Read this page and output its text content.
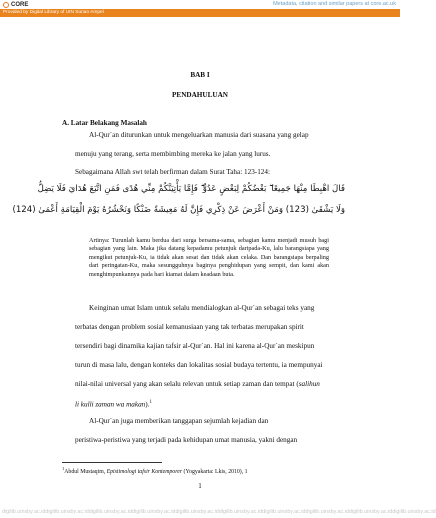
CORE	Metadata, citation and similar papers at core.ac.uk
Provided by Digital Library of UIN Sunan Ampel
BAB I
PENDAHULUAN
A. Latar Belakang Masalah
Al-Qur`an diturunkan untuk mengeluarkan manusia dari suasana yang gelap
menuju yang terang, serta membimbing mereka ke jalan yang lurus.
Sebagaimana Allah swt telah berfirman dalam Surat Taha: 123-124:
قَالَ اهْبِطَا مِنْهَا جَمِيعًا ۖ بَعْضُكُمْ لِبَعْضٍ عَدُوٌّ ۖ فَإِمَّا يَأْتِيَنَّكُمْ مِنِّي هُدًى فَمَنِ اتَّبَعَ هُدَايَ فَلَا يَضِلُّ
وَلَا يَشْقَىٰ (123) وَمَنْ أَعْرَضَ عَنْ ذِكْرِي فَإِنَّ لَهُ مَعِيشَةً ضَنْكًا وَنَحْشُرُهُ يَوْمَ الْقِيَامَةِ أَعْمَىٰ (124)
Artinya: Turunlah kamu berdua dari surga bersama-sama, sebagian kamu menjadi musuh bagi sebagian yang lain. Maka jika datang kepadamu petunjuk daripada-Ku, lalu barangsiapa yang mengikut petunjuk-Ku, ia tidak akan sesat dan tidak akan celaka. Dan barangsiapa berpaling dari peringatan-Ku, maka sesungguhnya baginya penghidupan yang sempit, dan kami akan menghimpunkannya pada hari kiamat dalam keadaan buta.
Keinginan umat Islam untuk selalu mendialogkan al-Qur`an sebagai teks yang
terbatas dengan problem sosial kemanusiaan yang tak terbatas merupakan spirit
tersendiri bagi dinamika kajian tafsir al-Qur`an. Hal ini karena al-Qur`an meskipun
turun di masa lalu, dengan konteks dan lokalitas sosial budaya tertentu, ia mempunyai
nilai-nilai universal yang akan selalu relevan untuk setiap zaman dan tempat (salihun
li kulli zaman wa makan).$^1$
Al-Qur`an juga memberikan tanggapan sejumlah kejadian dan
peristiwa-peristiwa yang terjadi pada kehidupan umat manusia, yakni dengan
$^1$Abdul Mustaqim, Epistimologi tafsir Kontemporer (Yogyakarta: Lkis, 2010), 1
1
digilib.uinsby.ac.id digilib.uinsby.ac.id digilib.uinsby.ac.id digilib.uinsby.ac.id digilib.uinsby.ac.id digilib.uinsby.ac.id digilib.uinsby.ac.id digilib.uinsby.ac.id digilib.uinsby.ac.id digilib.uinsby.ac.id
